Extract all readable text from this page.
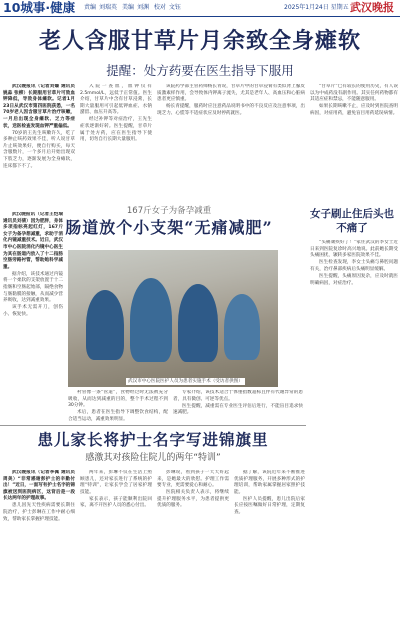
10城事·健康 责编 刘瑞英 美编 刘渊 校对 文钰	2025年1月24日 星期五 武汉晚报
老人含服甘草片月余致全身瘫软
提醒：处方药要在医生指导下服用

武汉晚报讯（记者刘嫱 通讯员姚淼 张柳）长期服用甘草片可致血钾降低，导致身体瘫软。记者1月23日从武汉市第四医院获悉，一名70岁老人因含服甘草片治疗咳嗽，一月后出现全身瘫软、乏力等症状，送医检查发现血钾严重偏低。

70岁的王先生咳嗽许久，吃了多种止咳药效果不佳，听人说甘草片止咳效果好，便自行购买，每天含服数片，一个多月后开始出现双下肢乏力，逐渐发展为全身瘫软，连床都下不了。

入院一查血，血钾仅有2.5mmol/L，远低于正常值。医生介绍，甘草片中含有甘草浸膏，长期大量服用可引起低钾血症、水钠潴留、血压升高等。

经过补钾等对症治疗，王先生症状逐渐好转。医生提醒，甘草片属于处方药，应在医生指导下使用，切勿自行长期大量服用。

该院药学部主管药师杨长青说，甘草片中的甘草浸膏有类似肾上腺皮质激素样作用，会导致体内钾离子流失，尤其是老年人、高血压和心脏病患者更应慎重。

杨长青提醒，服药时应注意药品说明书中的不良反应及注意事项，出现乏力、心慌等不适症状应及时停药就医。

“甘草片”已有较长的使用历史，有人误以为中成药没有副作用。其实任何药物都有其适应症和禁忌，不能随意服用。

如果长期咳嗽不止，应及时到医院查明病因，对症用药，避免盲目用药延误病情。

167斤女子为备孕减重
肠道放个小支架“无痛减肥”

武汉晚报讯（记者王恺瑞 通讯员刘倩）因为肥胖，身体多项指标亮起红灯，167斤女子为备孕想减重，求助于消化内镜减重技术。近日，武汉市中心医院消化内镜中心医生为其在肠道内放入了十二指肠空肠旁路衬管，帮助她科学减重。

据介绍，该技术通过内镜将一个柔软的支架放置于十二指肠和空肠起始部，隔绝食物与肠黏膜的接触，从而减少营养吸收，达到减重效果。

该手术无需开刀，创伤小、恢复快。

武汉市中心医院医护人员为患者实施手术（受访者供图）

衬管像一条“管道”，食物经过时无法被充分吸收，从而达到减重的目的，整个手术过程不到30分钟。

术后，患者在医生指导下调整饮食结构，配合适当运动，减重效果明显。

专家介绍，该技术适合于体重指数超标且伴有代谢异常的患者，具有微创、可逆等优点。

医生提醒，减重需在专业医生评估后进行，不能盲目追求快速减肥。

女子刷止住后头也不痛了

“头痛顽疾好了！”家住武汉的李女士近日来到医院复诊时高兴地说。此前她长期受头痛困扰，辗转多家医院效果不佳。

医生检查发现，李女士头痛与鼻腔问题有关，治疗鼻部疾病后头痛明显缓解。

医生提醒，头痛原因复杂，应及时就医明确病因，对症治疗。

患儿家长将护士名字写进锦旗里
感激其对孩险住院儿的两年“特训”

武汉晚报讯（记者李佩 通讯员周美）“非常感谢彭护士的辛勤付出！”近日，一面写有护士名字的锦旗被送到医院病区，这背后是一段长达两年的护理故事。

患儿因先天性疾病需要长期住院治疗，护士彭琳在工作中耐心细致，帮助家长掌握护理技能。

两年来，彭琳不仅在生活上照顾患儿，还对家长进行了系统的护理“特训”，让家长学会了居家护理技能。

家长表示，孩子能顺利出院回家，离不开医护人员的悉心付出。

彭琳说，看到孩子一天天好起来，是她最大的欣慰。护理工作需要专业，更需要爱心和耐心。

医院相关负责人表示，将继续提升护理服务水平，为患者提供更优质的服务。

据了解，该院近年来不断推进优质护理服务，开展多种形式的护理培训，帮助家属掌握居家照护技能。

医护人员提醒，患儿出院后家长应按医嘱做好日常护理，定期复查。
